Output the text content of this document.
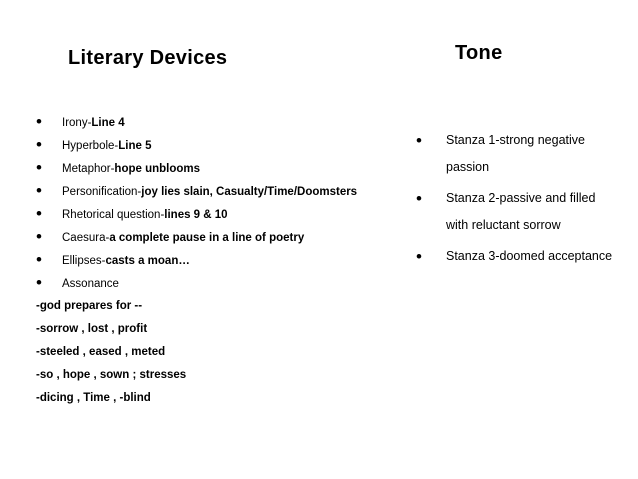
Literary Devices	Tone
• Irony-Line 4
• Hyperbole-Line 5
• Metaphor-hope unblooms
• Personification-joy lies slain, Casualty/Time/Doomsters
• Rhetorical question-lines 9 & 10
• Caesura-a complete pause in a line of poetry
• Ellipses-casts a moan…
• Assonance
-god prepares for --
-sorrow , lost , profit
-steeled , eased , meted
-so , hope , sown ; stresses
-dicing , Time , -blind
• Stanza 1-strong negative passion
• Stanza 2-passive and filled with reluctant sorrow
• Stanza 3-doomed acceptance
